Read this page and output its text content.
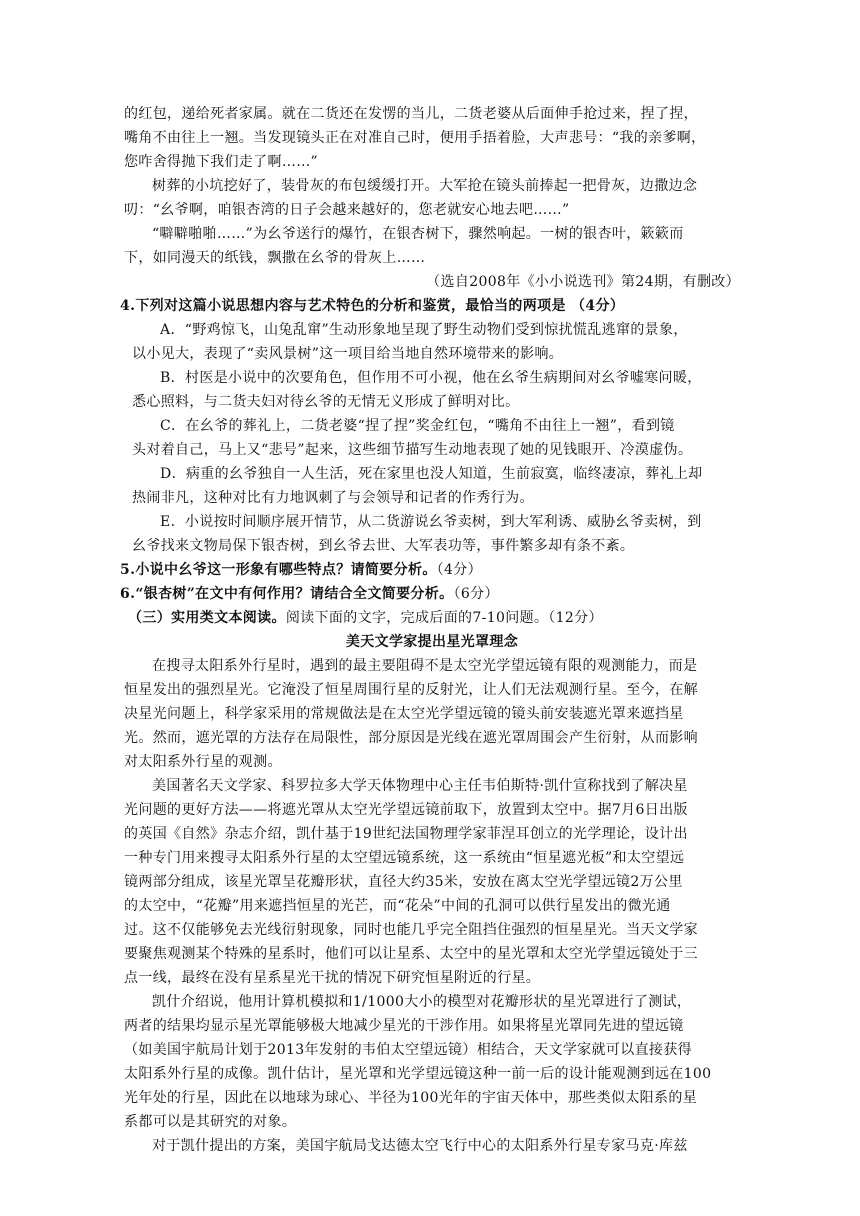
的红包，递给死者家属。就在二货还在发愣的当儿，二货老婆从后面伸手抢过来，捏了捏，
嘴角不由往上一翘。当发现镜头正在对准自己时，便用手捂着脸，大声悲号：“我的亲爹啊，
您咋舍得抛下我们走了啊……”
树葬的小坑挖好了，装骨灰的布包缓缓打开。大军抢在镜头前捧起一把骨灰，边撒边念
叨：“幺爷啊，咱银杏湾的日子会越来越好的，您老就安心地去吧……”
“噼噼啪啪……”为幺爷送行的爆竹，在银杏树下，骤然响起。一树的银杏叶，簌簌而
下，如同漫天的纸钱，飘撒在幺爷的骨灰上……
（选自2008年《小小说选刊》第24期，有删改）
4.下列对这篇小说思想内容与艺术特色的分析和鉴赏，最恰当的两项是 （4分）
A．“野鸡惊飞，山兔乱窜”生动形象地呈现了野生动物们受到惊扰慌乱逃窜的景象，
以小见大，表现了“卖风景树”这一项目给当地自然环境带来的影响。
B．村医是小说中的次要角色，但作用不可小视，他在幺爷生病期间对幺爷嘘寒问暖，
悉心照料，与二货夫妇对待幺爷的无情无义形成了鲜明对比。
C．在幺爷的葬礼上，二货老婆“捏了捏”奖金红包，“嘴角不由往上一翘”，看到镜
头对着自己，马上又“悲号”起来，这些细节描写生动地表现了她的见钱眼开、冷漠虚伪。
D．病重的幺爷独自一人生活，死在家里也没人知道，生前寂寞，临终凄凉，葬礼上却
热闹非凡，这种对比有力地讽刺了与会领导和记者的作秀行为。
E．小说按时间顺序展开情节，从二货游说幺爷卖树，到大军利诱、威胁幺爷卖树，到
幺爷找来文物局保下银杏树，到幺爷去世、大军表功等，事件繁多却有条不紊。
5.小说中幺爷这一形象有哪些特点？请简要分析。（4分）
6.“银杏树”在文中有何作用？请结合全文简要分析。（6分）
（三）实用类文本阅读。阅读下面的文字，完成后面的7-10问题。（12分）
美天文学家提出星光罩理念
在搜寻太阳系外行星时，遇到的最主要阻碍不是太空光学望远镜有限的观测能力，而是
恒星发出的强烈星光。它淹没了恒星周围行星的反射光，让人们无法观测行星。至今，在解
决星光问题上，科学家采用的常规做法是在太空光学望远镜的镜头前安装遮光罩来遮挡星
光。然而，遮光罩的方法存在局限性，部分原因是光线在遮光罩周围会产生衍射，从而影响
对太阳系外行星的观测。
美国著名天文学家、科罗拉多大学天体物理中心主任韦伯斯特·凯什宣称找到了解决星
光问题的更好方法——将遮光罩从太空光学望远镜前取下，放置到太空中。据7月6日出版
的英国《自然》杂志介绍，凯什基于19世纪法国物理学家菲涅耳创立的光学理论，设计出
一种专门用来搜寻太阳系外行星的太空望远镜系统，这一系统由“恒星遮光板”和太空望远
镜两部分组成，该星光罩呈花瓣形状，直径大约35米，安放在离太空光学望远镜2万公里
的太空中，“花瓣”用来遮挡恒星的光芒，而“花朵”中间的孔洞可以供行星发出的微光通
过。这不仅能够免去光线衍射现象，同时也能几乎完全阻挡住强烈的恒星星光。当天文学家
要聚焦观测某个特殊的星系时，他们可以让星系、太空中的星光罩和太空光学望远镜处于三
点一线，最终在没有星系星光干扰的情况下研究恒星附近的行星。
凯什介绍说，他用计算机模拟和1/1000大小的模型对花瓣形状的星光罩进行了测试，
两者的结果均显示星光罩能够极大地减少星光的干涉作用。如果将星光罩同先进的望远镜
（如美国宇航局计划于2013年发射的韦伯太空望远镜）相结合，天文学家就可以直接获得
太阳系外行星的成像。凯什估计，星光罩和光学望远镜这种一前一后的设计能观测到远在100
光年处的行星，因此在以地球为球心、半径为100光年的宇宙天体中，那些类似太阳系的星
系都可以是其研究的对象。
对于凯什提出的方案，美国宇航局戈达德太空飞行中心的太阳系外行星专家马克·库兹
